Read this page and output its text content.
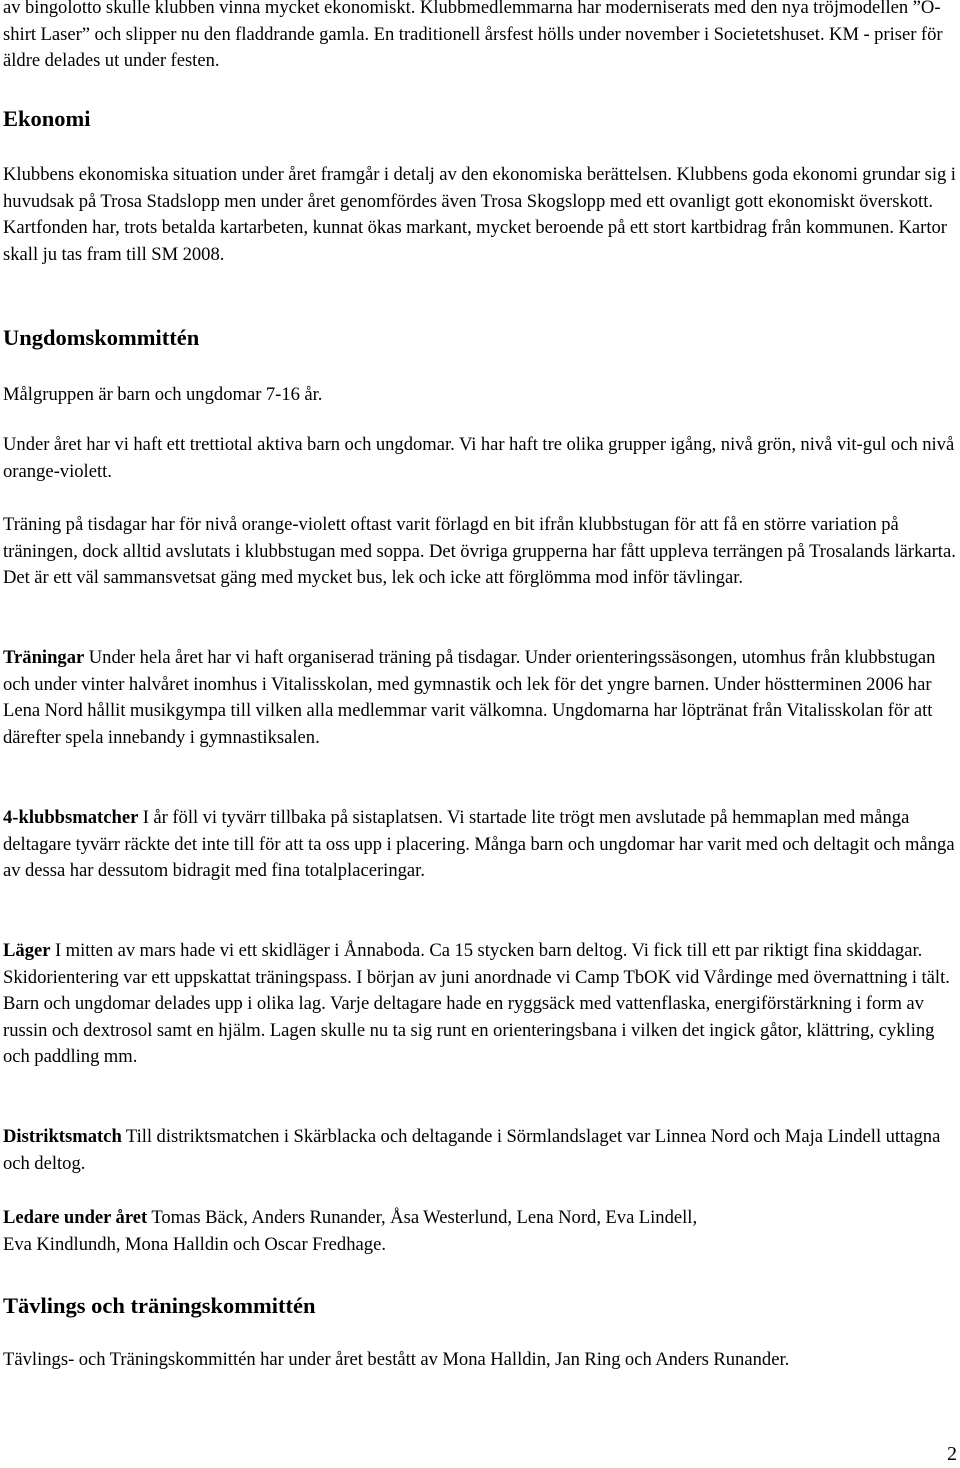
av bingolotto skulle klubben vinna mycket ekonomiskt. Klubbmedlemmarna har moderniserats med den nya tröjmodellen ”O-shirt Laser” och slipper nu den fladdrande gamla. En traditionell årsfest hölls under november i Societetshuset. KM - priser för äldre delades ut under festen.

Ekonomi

Klubbens ekonomiska situation under året framgår i detalj av den ekonomiska berättelsen. Klubbens goda ekonomi grundar sig i huvudsak på Trosa Stadslopp men under året genomfördes även Trosa Skogslopp med ett ovanligt gott ekonomiskt överskott. Kartfonden har, trots betalda kartarbeten, kunnat ökas markant, mycket beroende på ett stort kartbidrag från kommunen. Kartor skall ju tas fram till SM 2008.

Ungdomskommittén

Målgruppen är barn och ungdomar 7-16 år.

Under året har vi haft ett trettiotal aktiva barn och ungdomar. Vi har haft tre olika grupper igång, nivå grön, nivå vit-gul och nivå orange-violett.

Träning på tisdagar har för nivå orange-violett oftast varit förlagd en bit ifrån klubbstugan för att få en större variation på träningen, dock alltid avslutats i klubbstugan med soppa. Det övriga grupperna har fått uppleva terrängen på Trosalands lärkarta. Det är ett väl sammansvetsat gäng med mycket bus, lek och icke att förglömma mod inför tävlingar.

Träningar Under hela året har vi haft organiserad träning på tisdagar. Under orienteringssäsongen, utomhus från klubbstugan och under vinter halvåret inomhus i Vitalisskolan, med gymnastik och lek för det yngre barnen. Under höstterminen 2006 har Lena Nord hållit musikgympa till vilken alla medlemmar varit välkomna. Ungdomarna har löptränat från Vitalisskolan för att därefter spela innebandy i gymnastiksalen.

4-klubbsmatcher I år föll vi tyvärr tillbaka på sistaplatsen. Vi startade lite trögt men avslutade på hemmaplan med många deltagare tyvärr räckte det inte till för att ta oss upp i placering. Många barn och ungdomar har varit med och deltagit och många av dessa har dessutom bidragit med fina totalplaceringar.

Läger I mitten av mars hade vi ett skidläger i Ånnaboda. Ca 15 stycken barn deltog. Vi fick till ett par riktigt fina skiddagar. Skidorientering var ett uppskattat träningspass. I början av juni anordnade vi Camp TbOK vid Vårdinge med övernattning i tält. Barn och ungdomar delades upp i olika lag. Varje deltagare hade en ryggsäck med vattenflaska, energiförstärkning i form av russin och dextrosol samt en hjälm. Lagen skulle nu ta sig runt en orienteringsbana i vilken det ingick gåtor, klättring, cykling och paddling mm.

Distriktsmatch Till distriktsmatchen i Skärblacka och deltagande i Sörmlandslaget var Linnea Nord och Maja Lindell uttagna och deltog.

Ledare under året Tomas Bäck, Anders Runander, Åsa Westerlund, Lena Nord, Eva Lindell,
Eva Kindlundh, Mona Halldin och Oscar Fredhage.

Tävlings och träningskommittén

Tävlings- och Träningskommittén har under året bestått av Mona Halldin, Jan Ring och Anders Runander.

2
